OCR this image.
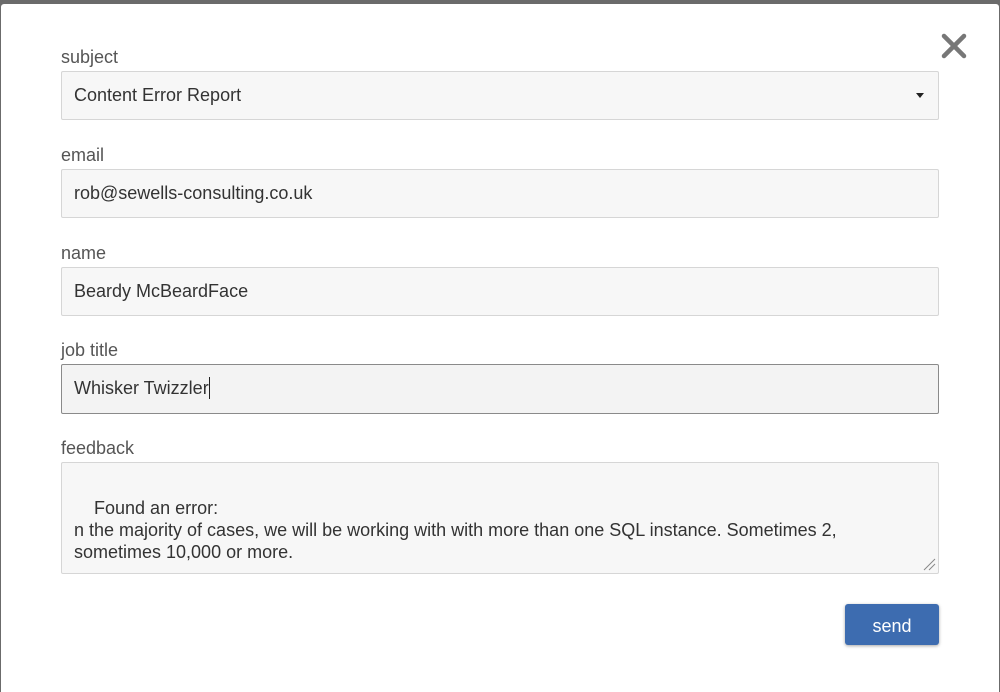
subject
Content Error Report
email
rob@sewells-consulting.co.uk
name
Beardy McBeardFace
job title
Whisker Twizzler
feedback

Found an error:
n the majority of cases, we will be working with with more than one SQL instance. Sometimes 2, sometimes 10,000 or more.

send
